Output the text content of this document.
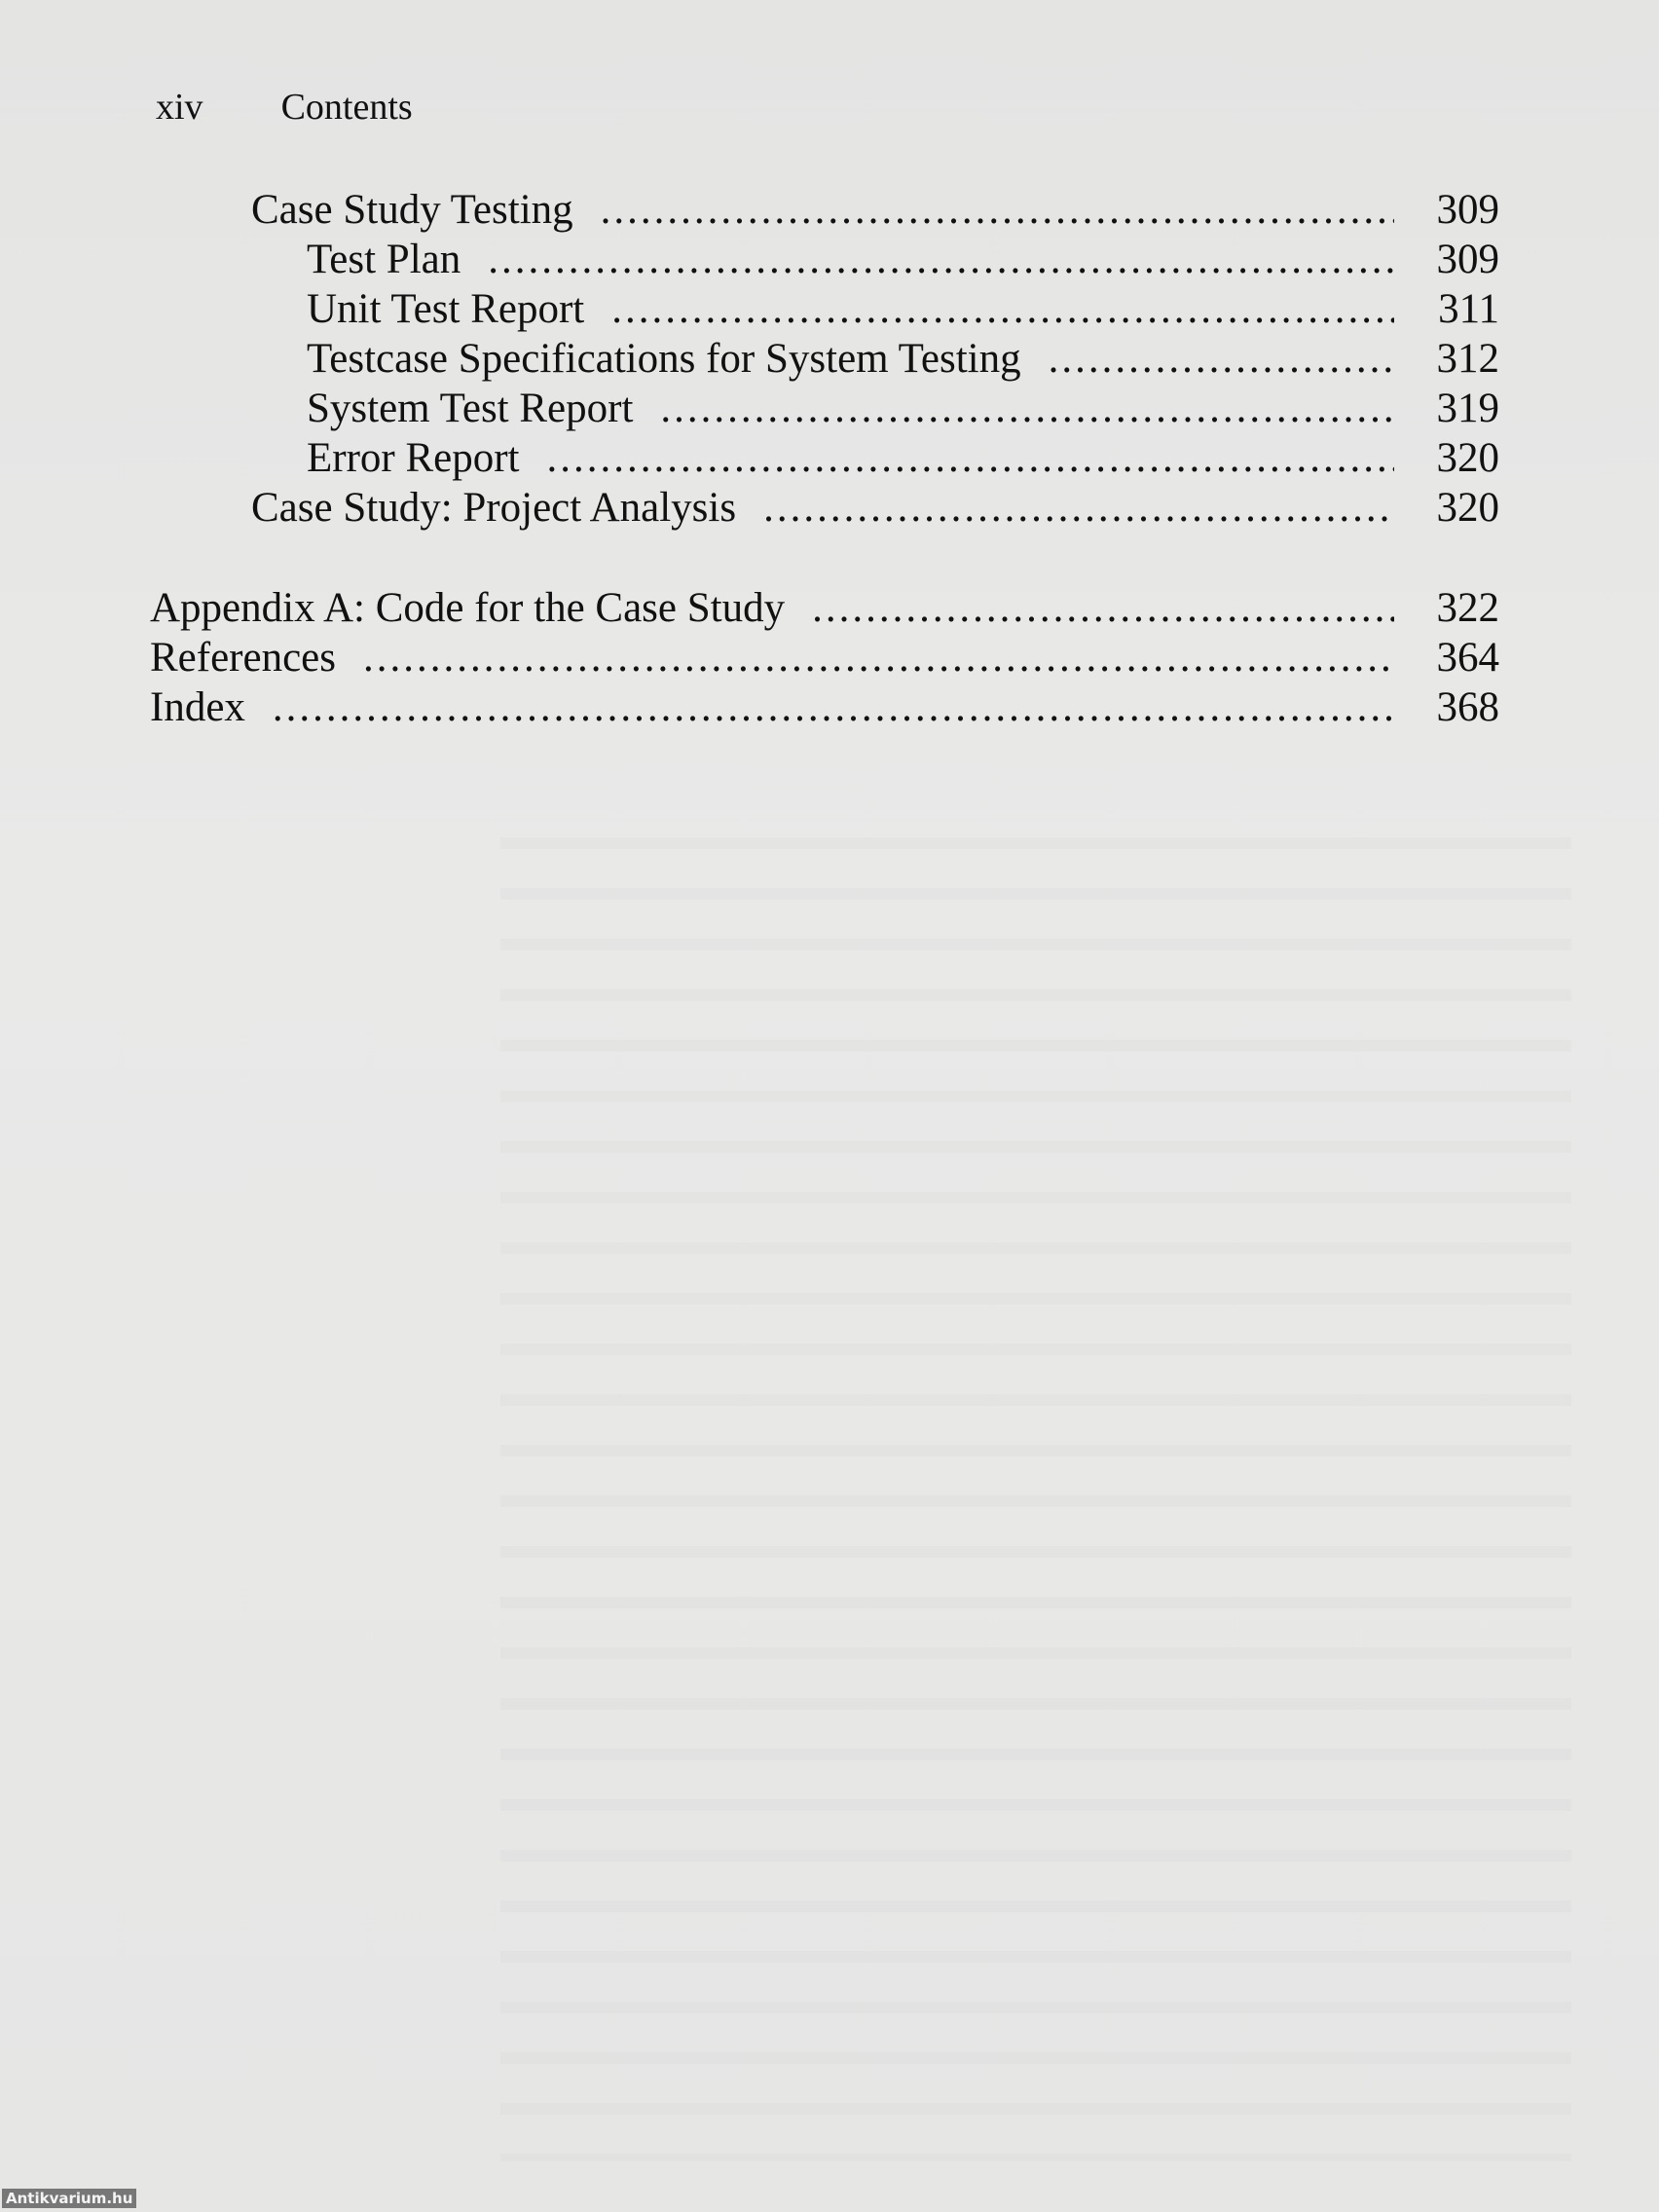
xiv Contents
Case Study Testing .....	309
Test Plan .....	309
Unit Test Report .....	311
Testcase Specifications for System Testing .....	312
System Test Report .....	319
Error Report .....	320
Case Study: Project Analysis .....	320
Appendix A: Code for the Case Study .....	322
References .....	364
Index .....	368
Antikvarium.hu
